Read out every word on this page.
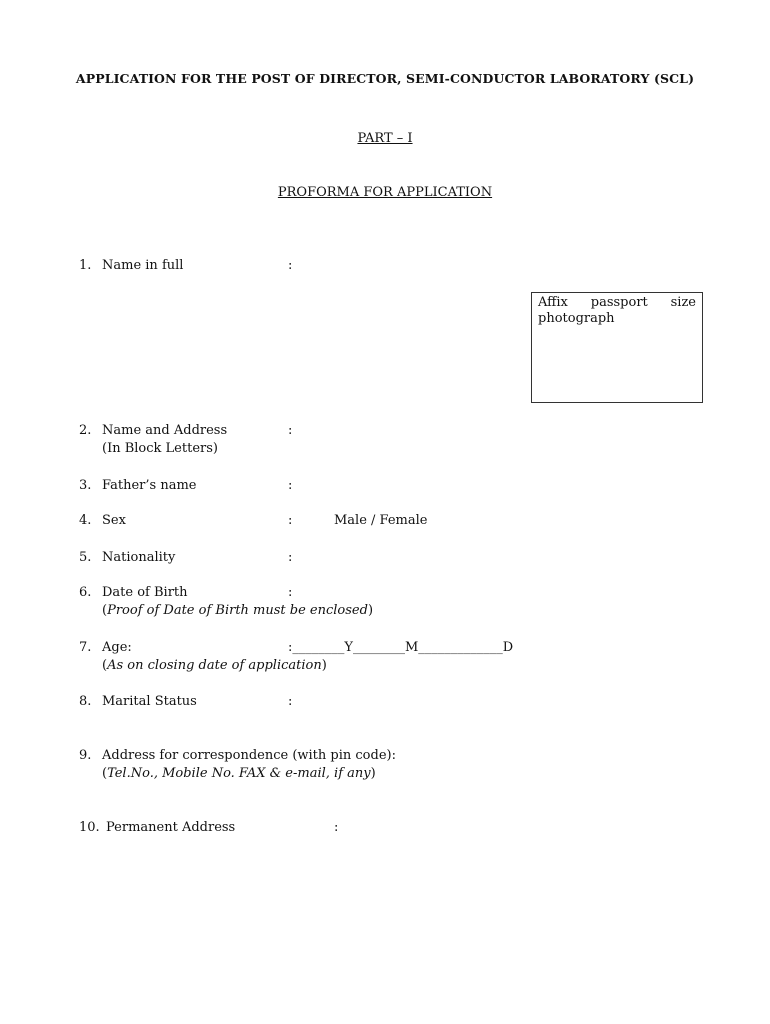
APPLICATION FOR THE POST OF DIRECTOR, SEMI-CONDUCTOR LABORATORY (SCL)
PART – I
PROFORMA FOR APPLICATION
1. Name in full	:
Affix passport size
photograph
2. Name and Address	:
(In Block Letters)
3. Father’s name	:
4. Sex	:	Male / Female
5. Nationality	:
6. Date of Birth	:
(Proof of Date of Birth must be enclosed)
7. Age:	:________Y________M_____________D
(As on closing date of application)
8. Marital Status	:
9. Address for correspondence (with pin code):
(Tel.No., Mobile No. FAX & e-mail, if any)
10. Permanent Address	:
